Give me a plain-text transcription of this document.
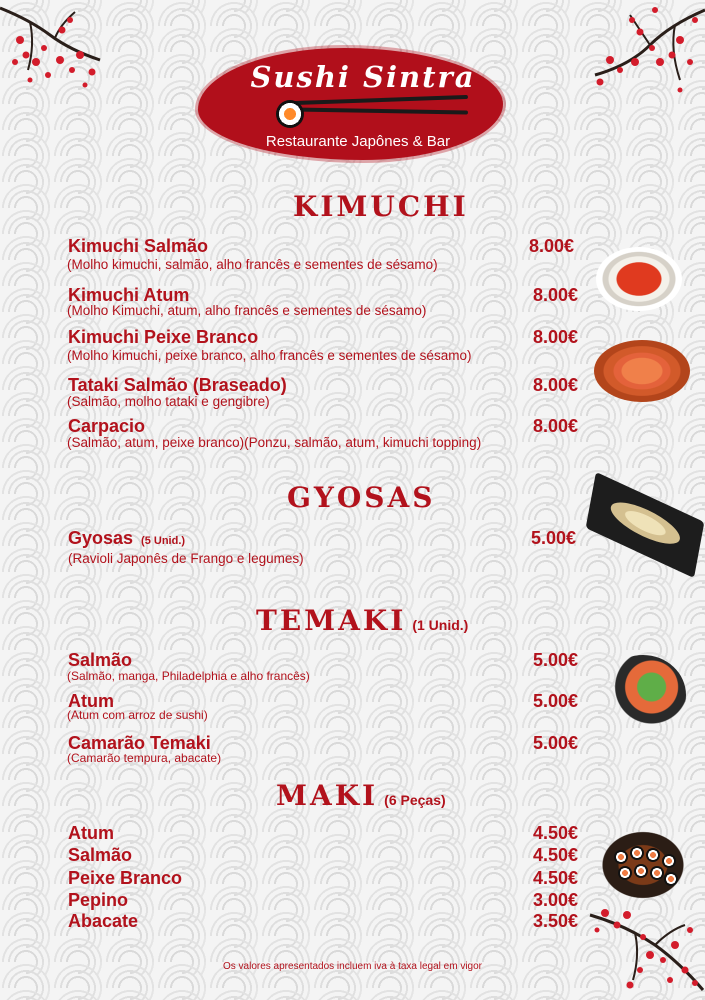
Sushi Sintra
Restaurante Japônes & Bar
KIMUCHI
Kimuchi Salmão	8.00€
(Molho kimuchi, salmão, alho francês e sementes de sésamo)
Kimuchi Atum	8.00€
(Molho Kimuchi, atum, alho francês e sementes de sésamo)
Kimuchi Peixe Branco	8.00€
(Molho kimuchi, peixe branco, alho francês e sementes de sésamo)
Tataki Salmão (Braseado)	8.00€
(Salmão, molho tataki e gengibre)
Carpacio	8.00€
(Salmão, atum, peixe branco)(Ponzu, salmão, atum, kimuchi topping)
GYOSAS
Gyosas (5 Unid.)	5.00€
(Ravioli Japonês de Frango e legumes)
TEMAKI (1 Unid.)
Salmão	5.00€
(Salmão, manga, Philadelphia e alho francês)
Atum	5.00€
(Atum com arroz de sushi)
Camarão Temaki	5.00€
(Camarão tempura, abacate)
MAKI (6 Peças)
Atum	4.50€
Salmão	4.50€
Peixe Branco	4.50€
Pepino	3.00€
Abacate	3.50€
Os valores apresentados incluem iva à taxa legal em vigor
